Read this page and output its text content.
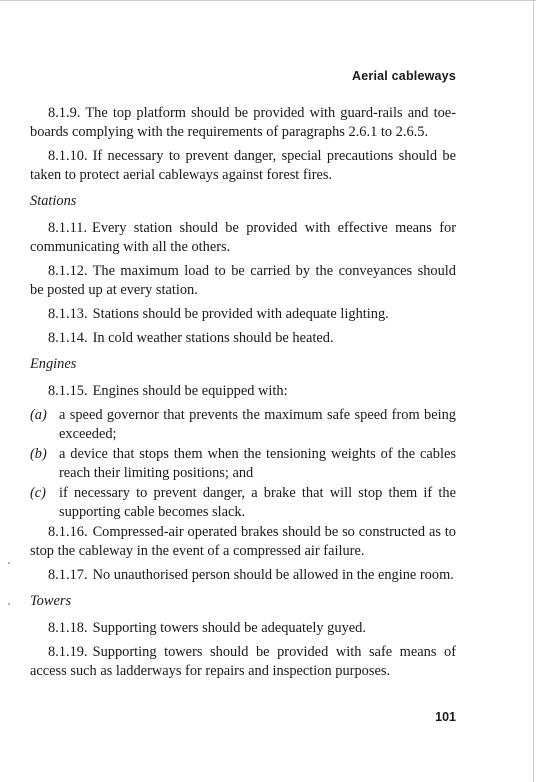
Aerial cableways

8.1.9. The top platform should be provided with guard-rails and toe-boards complying with the requirements of paragraphs 2.6.1 to 2.6.5.

8.1.10. If necessary to prevent danger, special precautions should be taken to protect aerial cableways against forest fires.

Stations

8.1.11. Every station should be provided with effective means for communicating with all the others.

8.1.12. The maximum load to be carried by the conveyances should be posted up at every station.

8.1.13. Stations should be provided with adequate lighting.

8.1.14. In cold weather stations should be heated.

Engines

8.1.15. Engines should be equipped with:

(a) a speed governor that prevents the maximum safe speed from being exceeded;
(b) a device that stops them when the tensioning weights of the cables reach their limiting positions; and
(c) if necessary to prevent danger, a brake that will stop them if the supporting cable becomes slack.

8.1.16. Compressed-air operated brakes should be so constructed as to stop the cableway in the event of a compressed air failure.

8.1.17. No unauthorised person should be allowed in the engine room.

Towers

8.1.18. Supporting towers should be adequately guyed.

8.1.19. Supporting towers should be provided with safe means of access such as ladderways for repairs and inspection purposes.

101
